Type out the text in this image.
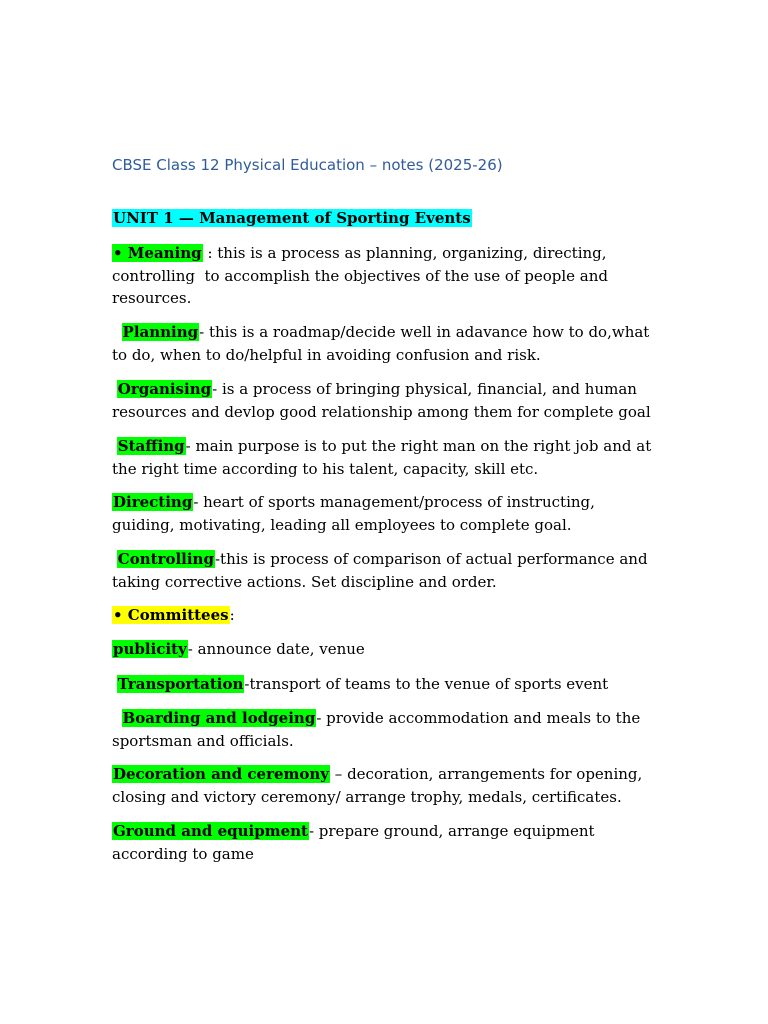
CBSE Class 12 Physical Education – notes (2025-26)
UNIT 1 — Management of Sporting Events
• Meaning : this is a process as planning, organizing, directing, controlling  to accomplish the objectives of the use of people and resources.
Planning- this is a roadmap/decide well in adavance how to do,what to do, when to do/helpful in avoiding confusion and risk.
Organising- is a process of bringing physical, financial, and human resources and devlop good relationship among them for complete goal
Staffing- main purpose is to put the right man on the right job and at the right time according to his talent, capacity, skill etc.
Directing- heart of sports management/process of instructing, guiding, motivating, leading all employees to complete goal.
Controlling-this is process of comparison of actual performance and taking corrective actions. Set discipline and order.
• Committees:
publicity- announce date, venue
Transportation-transport of teams to the venue of sports event
Boarding and lodgeing- provide accommodation and meals to the sportsman and officials.
Decoration and ceremony – decoration, arrangements for opening, closing and victory ceremony/ arrange trophy, medals, certificates.
Ground and equipment- prepare ground, arrange equipment according to game
